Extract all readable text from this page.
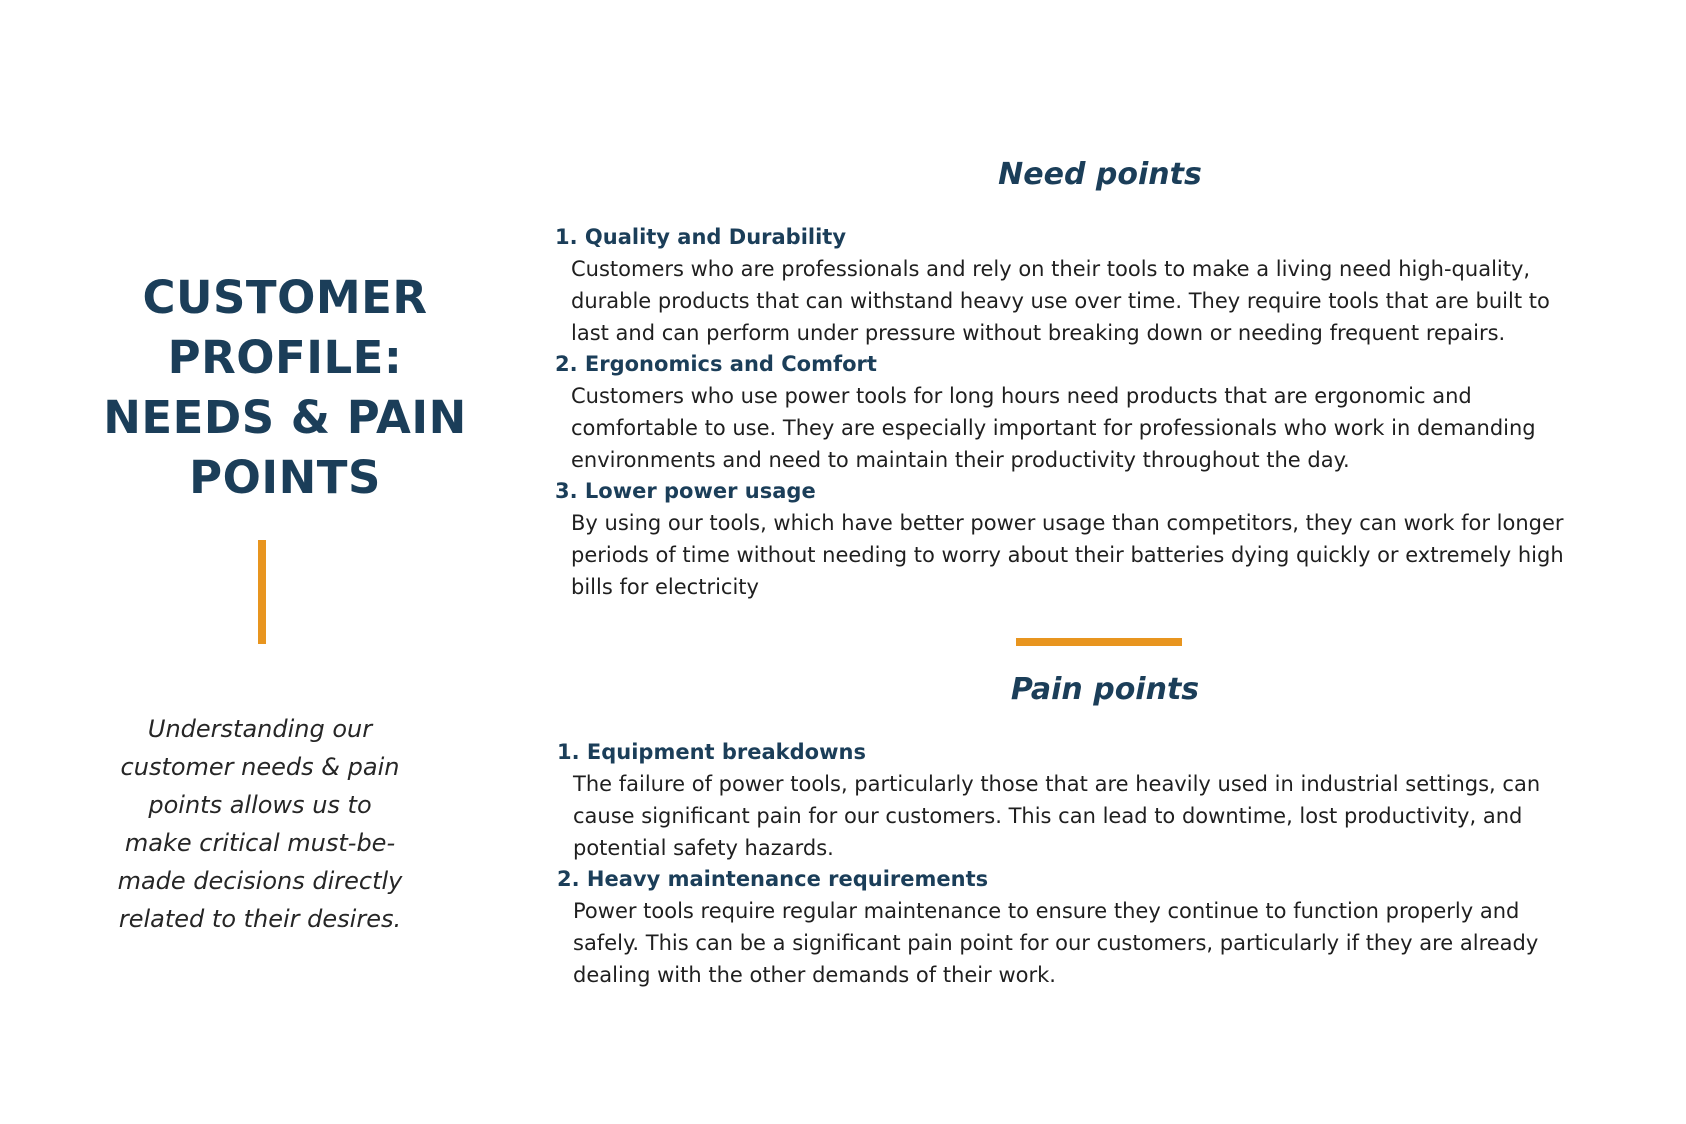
CUSTOMER
PROFILE:
NEEDS & PAIN
POINTS

Understanding our
customer needs & pain
points allows us to
make critical must-be-
made decisions directly
related to their desires.

Need points
1. Quality and Durability
Customers who are professionals and rely on their tools to make a living need high-quality,
durable products that can withstand heavy use over time. They require tools that are built to
last and can perform under pressure without breaking down or needing frequent repairs.
2. Ergonomics and Comfort
Customers who use power tools for long hours need products that are ergonomic and
comfortable to use. They are especially important for professionals who work in demanding
environments and need to maintain their productivity throughout the day.
3. Lower power usage
By using our tools, which have better power usage than competitors, they can work for longer
periods of time without needing to worry about their batteries dying quickly or extremely high
bills for electricity
Pain points
1. Equipment breakdowns
The failure of power tools, particularly those that are heavily used in industrial settings, can
cause significant pain for our customers. This can lead to downtime, lost productivity, and
potential safety hazards.
2. Heavy maintenance requirements
Power tools require regular maintenance to ensure they continue to function properly and
safely. This can be a significant pain point for our customers, particularly if they are already
dealing with the other demands of their work.
